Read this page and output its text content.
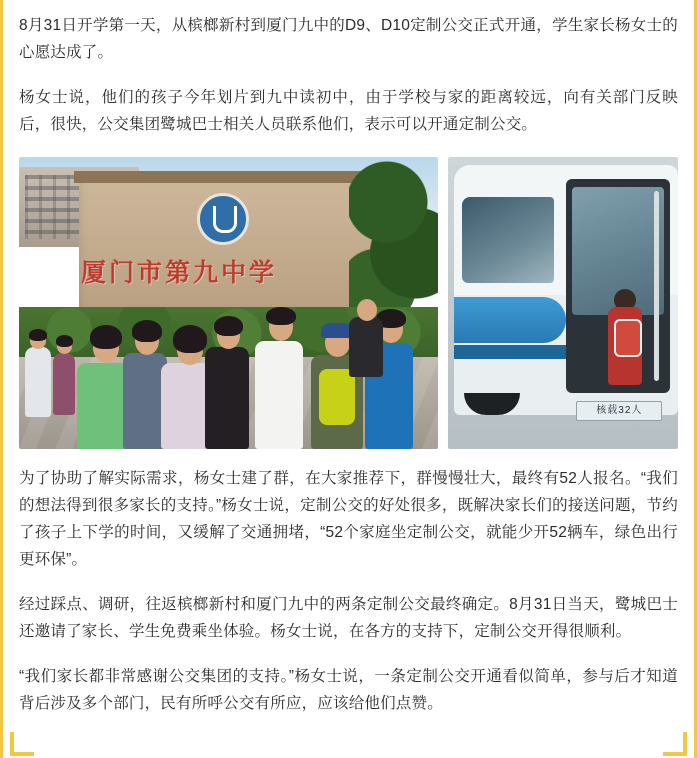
8月31日开学第一天，从槟榔新村到厦门九中的D9、D10定制公交正式开通，学生家长杨女士的心愿达成了。

杨女士说，他们的孩子今年划片到九中读初中，由于学校与家的距离较远，向有关部门反映后，很快，公交集团鹭城巴士相关人员联系他们，表示可以开通定制公交。

厦门市第九中学
核载32人

为了协助了解实际需求，杨女士建了群，在大家推荐下，群慢慢壮大，最终有52人报名。“我们的想法得到很多家长的支持。”杨女士说，定制公交的好处很多，既解决家长们的接送问题，节约了孩子上下学的时间，又缓解了交通拥堵，“52个家庭坐定制公交，就能少开52辆车，绿色出行更环保”。

经过踩点、调研，往返槟榔新村和厦门九中的两条定制公交最终确定。8月31日当天，鹭城巴士还邀请了家长、学生免费乘坐体验。杨女士说，在各方的支持下，定制公交开得很顺利。

“我们家长都非常感谢公交集团的支持。”杨女士说，一条定制公交开通看似简单，参与后才知道背后涉及多个部门，民有所呼公交有所应，应该给他们点赞。
